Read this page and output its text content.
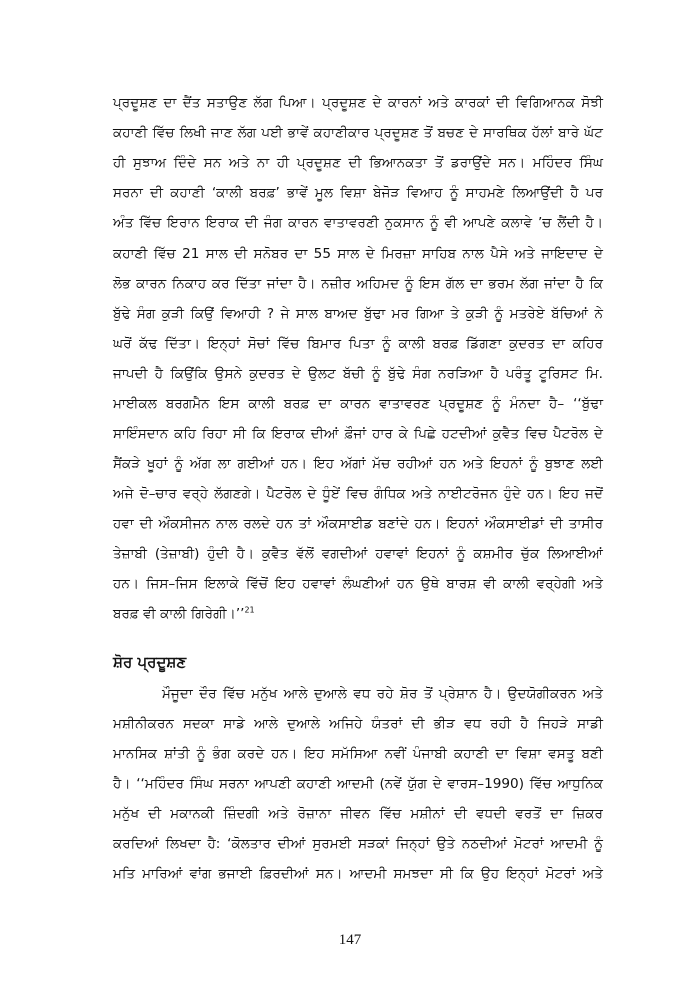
ਪ੍ਰਦੂਸ਼ਣ ਦਾ ਦੈਂਤ ਸਤਾਉਣ ਲੱਗ ਪਿਆ। ਪ੍ਰਦੂਸ਼ਣ ਦੇ ਕਾਰਨਾਂ ਅਤੇ ਕਾਰਕਾਂ ਦੀ ਵਿਗਿਆਨਕ ਸੋਝੀ
ਕਹਾਣੀ ਵਿੱਚ ਲਿਖੀ ਜਾਣ ਲੱਗ ਪਈ ਭਾਵੇਂ ਕਹਾਣੀਕਾਰ ਪ੍ਰਦੂਸ਼ਣ ਤੋਂ ਬਚਣ ਦੇ ਸਾਰਥਿਕ ਹੱਲਾਂ ਬਾਰੇ ਘੱਟ
ਹੀ ਸੁਝਾਅ ਦਿੰਦੇ ਸਨ ਅਤੇ ਨਾ ਹੀ ਪ੍ਰਦੂਸ਼ਣ ਦੀ ਭਿਆਨਕਤਾ ਤੋਂ ਡਰਾਉਂਦੇ ਸਨ। ਮਹਿੰਦਰ ਸਿੰਘ
ਸਰਨਾ ਦੀ ਕਹਾਣੀ ‘ਕਾਲੀ ਬਰਫ਼’ ਭਾਵੇਂ ਮੂਲ ਵਿਸ਼ਾ ਬੇਜੋੜ ਵਿਆਹ ਨੂੰ ਸਾਹਮਣੇ ਲਿਆਉਂਦੀ ਹੈ ਪਰ
ਅੰਤ ਵਿੱਚ ਇਰਾਨ ਇਰਾਕ ਦੀ ਜੰਗ ਕਾਰਨ ਵਾਤਾਵਰਣੀ ਨੁਕਸਾਨ ਨੂੰ ਵੀ ਆਪਣੇ ਕਲਾਵੇ ’ਚ ਲੈਂਦੀ ਹੈ।
ਕਹਾਣੀ ਵਿੱਚ 21 ਸਾਲ ਦੀ ਸਨੋਬਰ ਦਾ 55 ਸਾਲ ਦੇ ਮਿਰਜ਼ਾ ਸਾਹਿਬ ਨਾਲ ਪੈਸੇ ਅਤੇ ਜਾਇਦਾਦ ਦੇ
ਲੋਭ ਕਾਰਨ ਨਿਕਾਹ ਕਰ ਦਿੱਤਾ ਜਾਂਦਾ ਹੈ। ਨਜ਼ੀਰ ਅਹਿਮਦ ਨੂੰ ਇਸ ਗੱਲ ਦਾ ਭਰਮ ਲੱਗ ਜਾਂਦਾ ਹੈ ਕਿ
ਬੁੱਢੇ ਸੰਗ ਕੁੜੀ ਕਿਉਂ ਵਿਆਹੀ ? ਜੇ ਸਾਲ ਬਾਅਦ ਬੁੱਢਾ ਮਰ ਗਿਆ ਤੇ ਕੁੜੀ ਨੂੰ ਮਤਰੇਏ ਬੱਚਿਆਂ ਨੇ
ਘਰੋਂ ਕੱਢ ਦਿੱਤਾ। ਇਨ੍ਹਾਂ ਸੋਚਾਂ ਵਿੱਚ ਬਿਮਾਰ ਪਿਤਾ ਨੂੰ ਕਾਲੀ ਬਰਫ਼ ਡਿੱਗਣਾ ਕੁਦਰਤ ਦਾ ਕਹਿਰ
ਜਾਪਦੀ ਹੈ ਕਿਉਂਕਿ ਉਸਨੇ ਕੁਦਰਤ ਦੇ ਉਲਟ ਬੱਚੀ ਨੂੰ ਬੁੱਢੇ ਸੰਗ ਨਰੜਿਆ ਹੈ ਪਰੰਤੂ ਟੂਰਿਸਟ ਮਿ.
ਮਾਈਕਲ ਬਰਗਮੈਨ ਇਸ ਕਾਲੀ ਬਰਫ਼ ਦਾ ਕਾਰਨ ਵਾਤਾਵਰਣ ਪ੍ਰਦੂਸ਼ਣ ਨੂੰ ਮੰਨਦਾ ਹੈ– ‘‘ਬੁੱਢਾ
ਸਾਇੰਸਦਾਨ ਕਹਿ ਰਿਹਾ ਸੀ ਕਿ ਇਰਾਕ ਦੀਆਂ ਫ਼ੌਜਾਂ ਹਾਰ ਕੇ ਪਿਛੇ ਹਟਦੀਆਂ ਕੁਵੈਤ ਵਿਚ ਪੈਟਰੋਲ ਦੇ
ਸੈਂਕੜੇ ਖੂਹਾਂ ਨੂੰ ਅੱਗ ਲਾ ਗਈਆਂ ਹਨ। ਇਹ ਅੱਗਾਂ ਮੱਚ ਰਹੀਆਂ ਹਨ ਅਤੇ ਇਹਨਾਂ ਨੂੰ ਬੁਝਾਣ ਲਈ
ਅਜੇ ਦੋ–ਚਾਰ ਵਰ੍ਹੇ ਲੱਗਣਗੇ। ਪੈਟਰੋਲ ਦੇ ਧੂੰਏਂ ਵਿਚ ਗੰਧਿਕ ਅਤੇ ਨਾਈਟਰੋਜਨ ਹੁੰਦੇ ਹਨ। ਇਹ ਜਦੋਂ
ਹਵਾ ਦੀ ਔਕਸੀਜਨ ਨਾਲ ਰਲਦੇ ਹਨ ਤਾਂ ਔਕਸਾਈਡ ਬਣਾਂਦੇ ਹਨ। ਇਹਨਾਂ ਔਕਸਾਈਡਾਂ ਦੀ ਤਾਸੀਰ
ਤੇਜ਼ਾਬੀ (ਤੇਜ਼ਾਬੀ) ਹੁੰਦੀ ਹੈ। ਕੁਵੈਤ ਵੱਲੋਂ ਵਗਦੀਆਂ ਹਵਾਵਾਂ ਇਹਨਾਂ ਨੂੰ ਕਸ਼ਮੀਰ ਚੁੱਕ ਲਿਆਈਆਂ
ਹਨ। ਜਿਸ–ਜਿਸ ਇਲਾਕੇ ਵਿੱਚੋਂ ਇਹ ਹਵਾਵਾਂ ਲੰਘਣੀਆਂ ਹਨ ਉਥੇ ਬਾਰਸ਼ ਵੀ ਕਾਲੀ ਵਰ੍ਹੇਗੀ ਅਤੇ
ਬਰਫ਼ ਵੀ ਕਾਲੀ ਗਿਰੇਗੀ।’’$^{21}$
ਸ਼ੋਰ ਪ੍ਰਦੂਸ਼ਣ
ਮੌਜੂਦਾ ਦੌਰ ਵਿੱਚ ਮਨੁੱਖ ਆਲੇ ਦੁਆਲੇ ਵਧ ਰਹੇ ਸ਼ੋਰ ਤੋਂ ਪ੍ਰੇਸ਼ਾਨ ਹੈ। ਉਦਯੋਗੀਕਰਨ ਅਤੇ
ਮਸ਼ੀਨੀਕਰਨ ਸਦਕਾ ਸਾਡੇ ਆਲੇ ਦੁਆਲੇ ਅਜਿਹੇ ਯੰਤਰਾਂ ਦੀ ਭੀੜ ਵਧ ਰਹੀ ਹੈ ਜਿਹੜੇ ਸਾਡੀ
ਮਾਨਸਿਕ ਸ਼ਾਂਤੀ ਨੂੰ ਭੰਗ ਕਰਦੇ ਹਨ। ਇਹ ਸਮੱਸਿਆ ਨਵੀਂ ਪੰਜਾਬੀ ਕਹਾਣੀ ਦਾ ਵਿਸ਼ਾ ਵਸਤੂ ਬਣੀ
ਹੈ। ‘‘ਮਹਿੰਦਰ ਸਿੰਘ ਸਰਨਾ ਆਪਣੀ ਕਹਾਣੀ ਆਦਮੀ (ਨਵੇਂ ਯੁੱਗ ਦੇ ਵਾਰਸ–1990) ਵਿੱਚ ਆਧੁਨਿਕ
ਮਨੁੱਖ ਦੀ ਮਕਾਨਕੀ ਜ਼ਿੰਦਗੀ ਅਤੇ ਰੋਜ਼ਾਨਾ ਜੀਵਨ ਵਿੱਚ ਮਸ਼ੀਨਾਂ ਦੀ ਵਧਦੀ ਵਰਤੋਂ ਦਾ ਜ਼ਿਕਰ
ਕਰਦਿਆਂ ਲਿਖਦਾ ਹੈ: ‘ਕੋਲਤਾਰ ਦੀਆਂ ਸੁਰਮਈ ਸੜਕਾਂ ਜਿਨ੍ਹਾਂ ਉਤੇ ਨਠਦੀਆਂ ਮੋਟਰਾਂ ਆਦਮੀ ਨੂੰ
ਮਤਿ ਮਾਰਿਆਂ ਵਾਂਗ ਭਜਾਈ ਫ਼ਿਰਦੀਆਂ ਸਨ। ਆਦਮੀ ਸਮਝਦਾ ਸੀ ਕਿ ਉਹ ਇਨ੍ਹਾਂ ਮੋਟਰਾਂ ਅਤੇ
147
